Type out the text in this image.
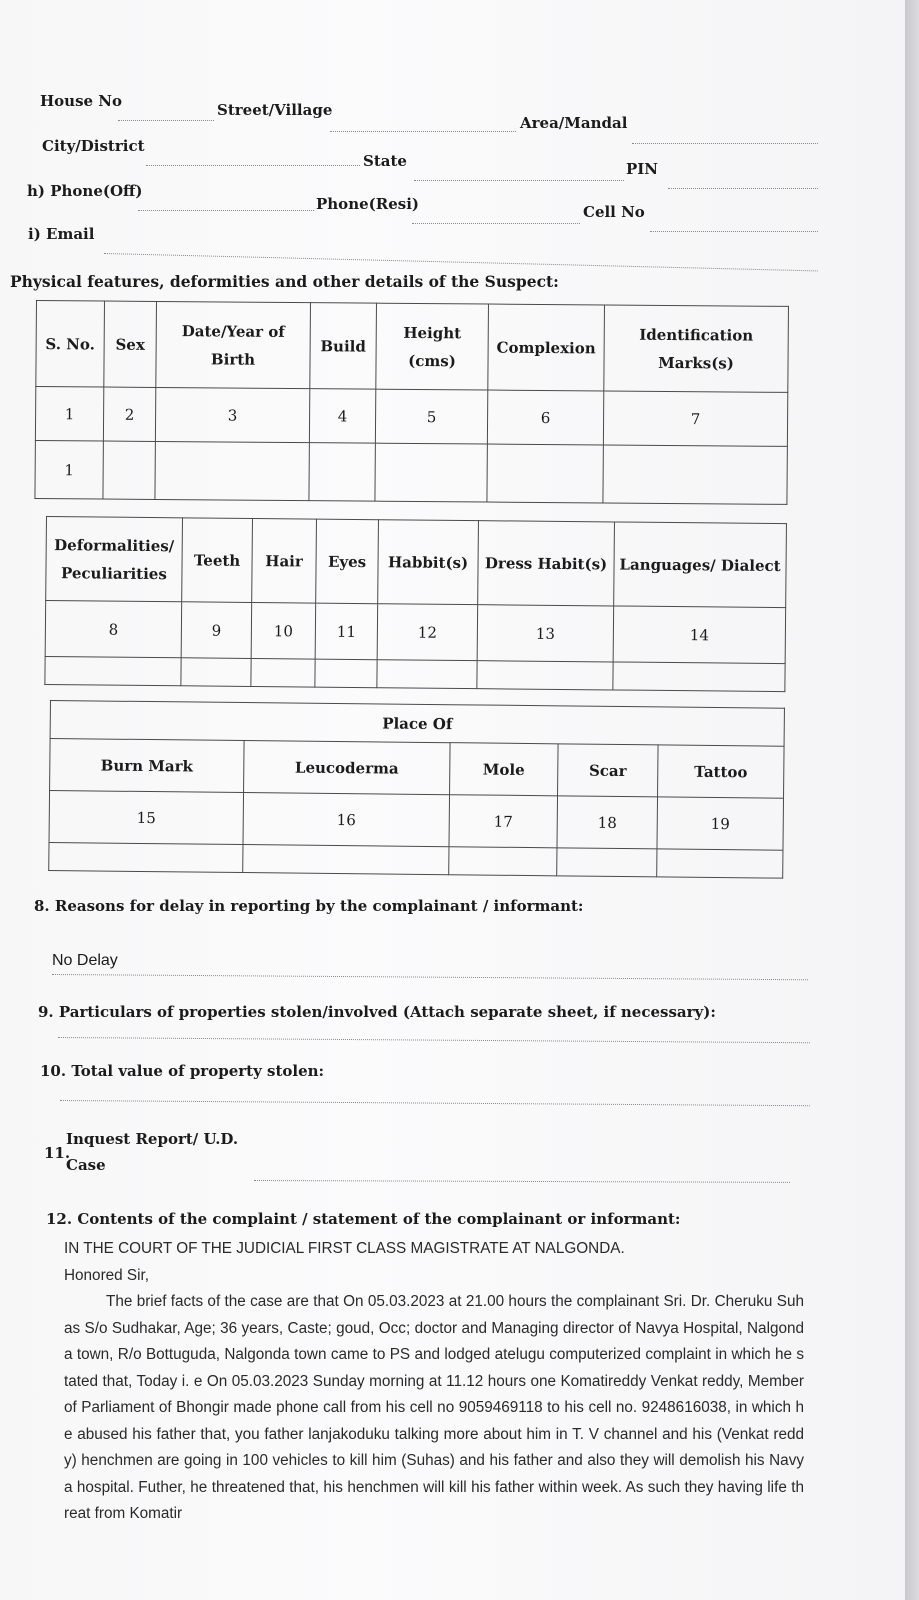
House No	Street/Village
Area/Mandal
City/District
State	PIN
h) Phone(Off)
Phone(Resi)	Cell No
i) Email
Physical features, deformities and other details of the Suspect:
S. No.	Sex	Date/Year of Birth	Build	Height (cms)	Complexion	Identification Marks(s)
1	2	3	4	5	6	7
1						
Deformalities/ Peculiarities	Teeth	Hair	Eyes	Habbit(s)	Dress Habit(s)	Languages/ Dialect
8	9	10	11	12	13	14

Place Of				
Burn Mark	Leucoderma	Mole	Scar	Tattoo
15	16	17	18	19

8. Reasons for delay in reporting by the complainant / informant:
No Delay
9. Particulars of properties stolen/involved (Attach separate sheet, if necessary):
10. Total value of property stolen:
11.
Inquest Report/ U.D.
Case
12. Contents of the complaint / statement of the complainant or informant:

IN THE COURT OF THE JUDICIAL FIRST CLASS MAGISTRATE AT NALGONDA.

Honored Sir,

The brief facts of the case are that On 05.03.2023 at 21.00 hours the complainant Sri. Dr. Cheruku Suhas S/o Sudhakar, Age; 36 years, Caste; goud, Occ; doctor and Managing director of Navya Hospital, Nalgonda town, R/o Bottuguda, Nalgonda town came to PS and lodged atelugu computerized complaint in which he stated that, Today i. e On 05.03.2023 Sunday morning at 11.12 hours one Komatireddy Venkat reddy, Member of Parliament of Bhongir made phone call from his cell no 9059469118 to his cell no. 9248616038, in which he abused his father that, you father lanjakoduku talking more about him in T. V channel and his (Venkat reddy) henchmen are going in 100 vehicles to kill him (Suhas) and his father and also they will demolish his Navya hospital. Futher, he threatened that, his henchmen will kill his father within week. As such they having life threat from Komatir
